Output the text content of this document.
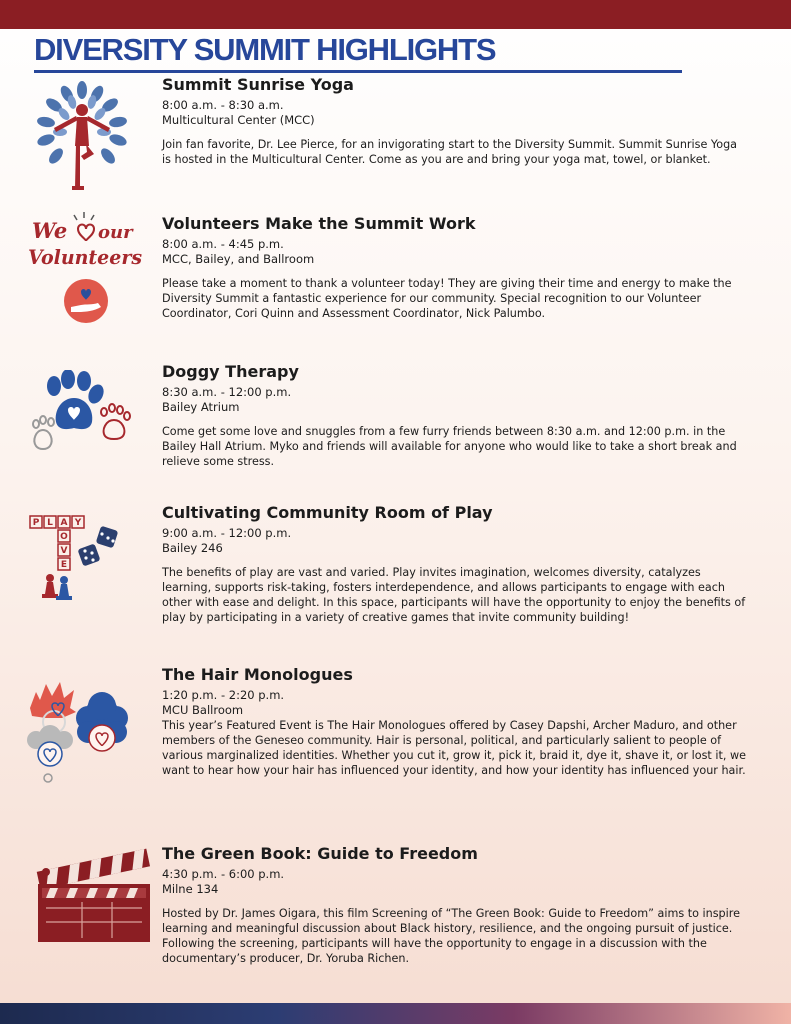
DIVERSITY SUMMIT HIGHLIGHTS
We our
Volunteers
P L A Y
O
V
E
Summit Sunrise Yoga

8:00 a.m. - 8:30 a.m.

Multicultural Center (MCC)

Join fan favorite, Dr. Lee Pierce, for an invigorating start to the Diversity Summit. Summit Sunrise Yoga is hosted in the Multicultural Center. Come as you are and bring your yoga mat, towel, or blanket.

Volunteers Make the Summit Work

8:00 a.m. - 4:45 p.m.

MCC, Bailey, and Ballroom

Please take a moment to thank a volunteer today! They are giving their time and energy to make the Diversity Summit a fantastic experience for our community. Special recognition to our Volunteer Coordinator, Cori Quinn and Assessment Coordinator, Nick Palumbo.

Doggy Therapy

8:30 a.m. - 12:00 p.m.

Bailey Atrium

Come get some love and snuggles from a few furry friends between 8:30 a.m. and 12:00 p.m. in the Bailey Hall Atrium. Myko and friends will available for anyone who would like to take a short break and relieve some stress.

Cultivating Community Room of Play

9:00 a.m. - 12:00 p.m.

Bailey 246

The benefits of play are vast and varied. Play invites imagination, welcomes diversity, catalyzes learning, supports risk-taking, fosters interdependence, and allows participants to engage with each other with ease and delight. In this space, participants will have the opportunity to enjoy the benefits of play by participating in a variety of creative games that invite community building!

The Hair Monologues

1:20 p.m. - 2:20 p.m.

MCU Ballroom

This year’s Featured Event is The Hair Monologues offered by Casey Dapshi, Archer Maduro, and other members of the Geneseo community. Hair is personal, political, and particularly salient to people of various marginalized identities. Whether you cut it, grow it, pick it, braid it, dye it, shave it, or lost it, we want to hear how your hair has influenced your identity, and how your identity has influenced your hair.

The Green Book: Guide to Freedom

4:30 p.m. - 6:00 p.m.

Milne 134

Hosted by Dr. James Oigara, this film Screening of “The Green Book: Guide to Freedom” aims to inspire learning and meaningful discussion about Black history, resilience, and the ongoing pursuit of justice. Following the screening, participants will have the opportunity to engage in a discussion with the documentary’s producer, Dr. Yoruba Richen.
